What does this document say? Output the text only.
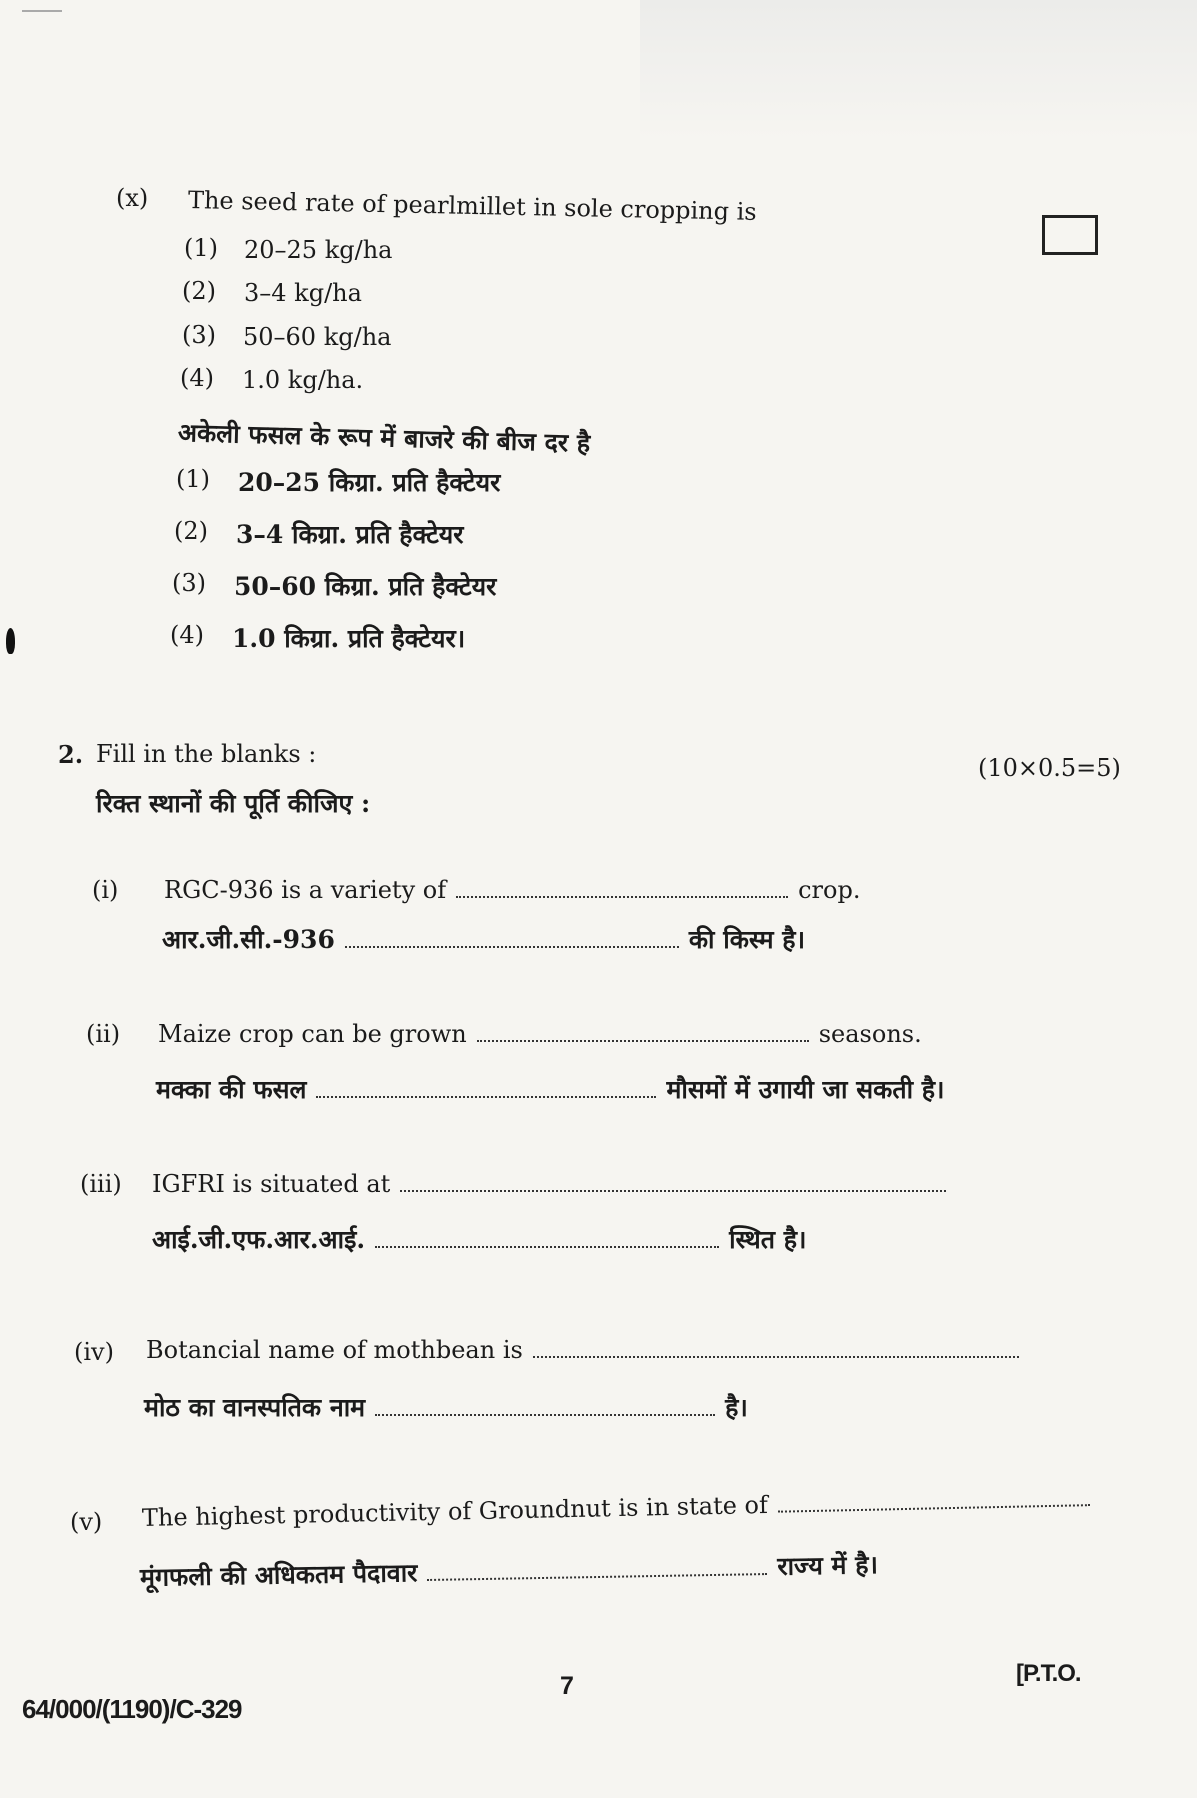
(x) The seed rate of pearlmillet in sole cropping is
(1) 20–25 kg/ha
(2) 3–4 kg/ha
(3) 50–60 kg/ha
(4) 1.0 kg/ha.
अकेली फसल के रूप में बाजरे की बीज दर है
(1) 20–25 किग्रा. प्रति हैक्टेयर
(2) 3–4 किग्रा. प्रति हैक्टेयर
(3) 50–60 किग्रा. प्रति हैक्टेयर
(4) 1.0 किग्रा. प्रति हैक्टेयर।
2. Fill in the blanks :	(10×0.5=5)
रिक्त स्थानों की पूर्ति कीजिए :
(i) RGC-936 is a variety of	crop.
आर.जी.सी.-936	की किस्म है।
(ii) Maize crop can be grown	seasons.
मक्का की फसल	मौसमों में उगायी जा सकती है।
(iii) IGFRI is situated at
आई.जी.एफ.आर.आई.	स्थित है।
(iv) Botancial name of mothbean is
मोठ का वानस्पतिक नाम	है।
(v) The highest productivity of Groundnut is in state of
मूंगफली की अधिकतम पैदावार	राज्य में है।
7	[P.T.O.
64/000/(1190)/C-329
